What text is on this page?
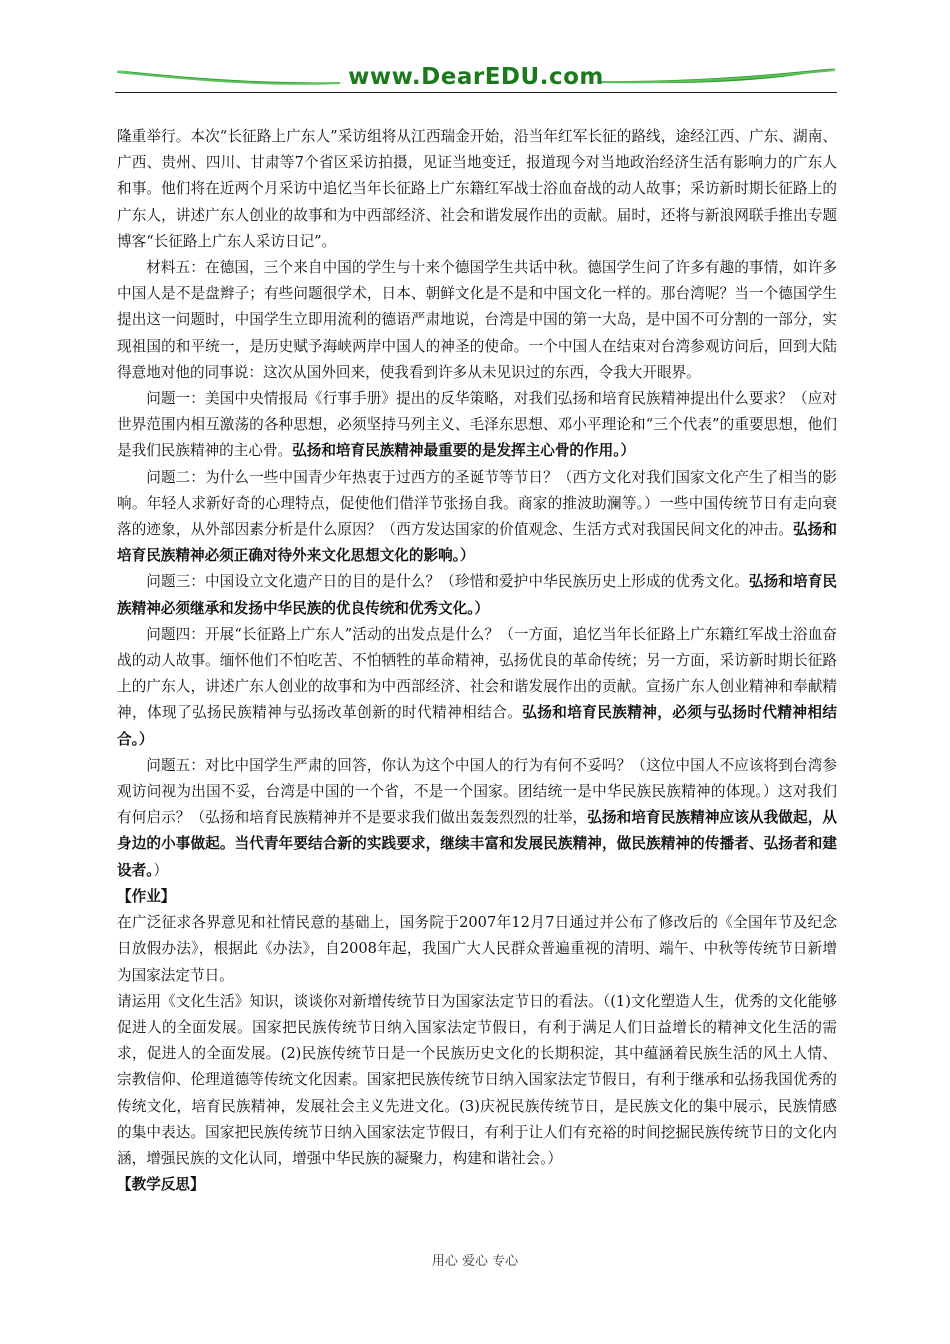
www.DearEDU.com

隆重举行。本次“长征路上广东人”采访组将从江西瑞金开始，沿当年红军长征的路线，途经江西、广东、湖南、广西、贵州、四川、甘肃等7个省区采访拍摄，见证当地变迁，报道现今对当地政治经济生活有影响力的广东人和事。他们将在近两个月采访中追忆当年长征路上广东籍红军战士浴血奋战的动人故事；采访新时期长征路上的广东人，讲述广东人创业的故事和为中西部经济、社会和谐发展作出的贡献。届时，还将与新浪网联手推出专题博客“长征路上广东人采访日记”。

材料五：在德国，三个来自中国的学生与十来个德国学生共话中秋。德国学生问了许多有趣的事情，如许多中国人是不是盘辫子；有些问题很学术，日本、朝鲜文化是不是和中国文化一样的。那台湾呢？当一个德国学生提出这一问题时，中国学生立即用流利的德语严肃地说，台湾是中国的第一大岛，是中国不可分割的一部分，实现祖国的和平统一，是历史赋予海峡两岸中国人的神圣的使命。一个中国人在结束对台湾参观访问后，回到大陆得意地对他的同事说：这次从国外回来，使我看到许多从未见识过的东西，令我大开眼界。

问题一：美国中央情报局《行事手册》提出的反华策略，对我们弘扬和培育民族精神提出什么要求？（应对世界范围内相互激荡的各种思想，必须坚持马列主义、毛泽东思想、邓小平理论和“三个代表”的重要思想，他们是我们民族精神的主心骨。弘扬和培育民族精神最重要的是发挥主心骨的作用。）

问题二：为什么一些中国青少年热衷于过西方的圣诞节等节日？（西方文化对我们国家文化产生了相当的影响。年轻人求新好奇的心理特点，促使他们借洋节张扬自我。商家的推波助澜等。）一些中国传统节日有走向衰落的迹象，从外部因素分析是什么原因？（西方发达国家的价值观念、生活方式对我国民间文化的冲击。弘扬和培育民族精神必须正确对待外来文化思想文化的影响。）

问题三：中国设立文化遗产日的目的是什么？（珍惜和爱护中华民族历史上形成的优秀文化。弘扬和培育民族精神必须继承和发扬中华民族的优良传统和优秀文化。）

问题四：开展“长征路上广东人”活动的出发点是什么？（一方面，追忆当年长征路上广东籍红军战士浴血奋战的动人故事。缅怀他们不怕吃苦、不怕牺牲的革命精神，弘扬优良的革命传统；另一方面，采访新时期长征路上的广东人，讲述广东人创业的故事和为中西部经济、社会和谐发展作出的贡献。宣扬广东人创业精神和奉献精神，体现了弘扬民族精神与弘扬改革创新的时代精神相结合。弘扬和培育民族精神，必须与弘扬时代精神相结合。）

问题五：对比中国学生严肃的回答，你认为这个中国人的行为有何不妥吗？（这位中国人不应该将到台湾参观访问视为出国不妥，台湾是中国的一个省，不是一个国家。团结统一是中华民族民族精神的体现。）这对我们有何启示？（弘扬和培育民族精神并不是要求我们做出轰轰烈烈的壮举，弘扬和培育民族精神应该从我做起，从身边的小事做起。当代青年要结合新的实践要求，继续丰富和发展民族精神，做民族精神的传播者、弘扬者和建设者。）

【作业】

在广泛征求各界意见和社情民意的基础上，国务院于2007年12月7日通过并公布了修改后的《全国年节及纪念日放假办法》，根据此《办法》，自2008年起，我国广大人民群众普遍重视的清明、端午、中秋等传统节日新增为国家法定节日。

请运用《文化生活》知识，谈谈你对新增传统节日为国家法定节日的看法。（(1)文化塑造人生，优秀的文化能够促进人的全面发展。国家把民族传统节日纳入国家法定节假日，有利于满足人们日益增长的精神文化生活的需求，促进人的全面发展。(2)民族传统节日是一个民族历史文化的长期积淀，其中蕴涵着民族生活的风土人情、宗教信仰、伦理道德等传统文化因素。国家把民族传统节日纳入国家法定节假日，有利于继承和弘扬我国优秀的传统文化，培育民族精神，发展社会主义先进文化。(3)庆祝民族传统节日，是民族文化的集中展示，民族情感的集中表达。国家把民族传统节日纳入国家法定节假日，有利于让人们有充裕的时间挖掘民族传统节日的文化内涵，增强民族的文化认同，增强中华民族的凝聚力，构建和谐社会。）

【教学反思】

用心 爱心 专心
